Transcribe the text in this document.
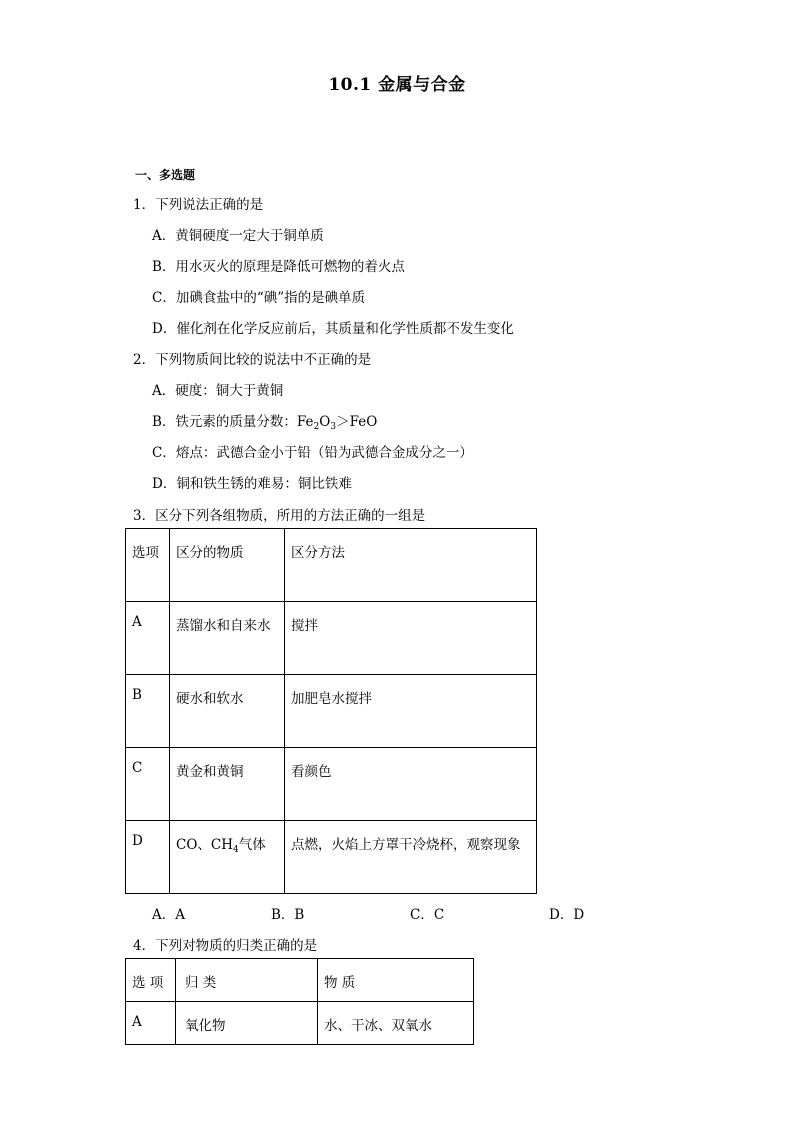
10.1 金属与合金
一、多选题
1．下列说法正确的是
A．黄铜硬度一定大于铜单质
B．用水灭火的原理是降低可燃物的着火点
C．加碘食盐中的“碘”指的是碘单质
D．催化剂在化学反应前后，其质量和化学性质都不发生变化
2．下列物质间比较的说法中不正确的是
A．硬度：铜大于黄铜
B．铁元素的质量分数：$Fe_2O_3>FeO$
C．熔点：武德合金小于铅（铅为武德合金成分之一）
D．铜和铁生锈的难易：铜比铁难
3．区分下列各组物质，所用的方法正确的一组是
选项	区分的物质	区分方法
A	蒸馏水和自来水	搅拌
B	硬水和软水	加肥皂水搅拌
C	黄金和黄铜	看颜色
D	CO、$CH_4$气体	点燃，火焰上方罩干冷烧杯，观察现象
A．A	B．B	C．C	D．D
4．下列对物质的归类正确的是
选 项	归 类	物 质
A	氧化物	水、干冰、双氧水
